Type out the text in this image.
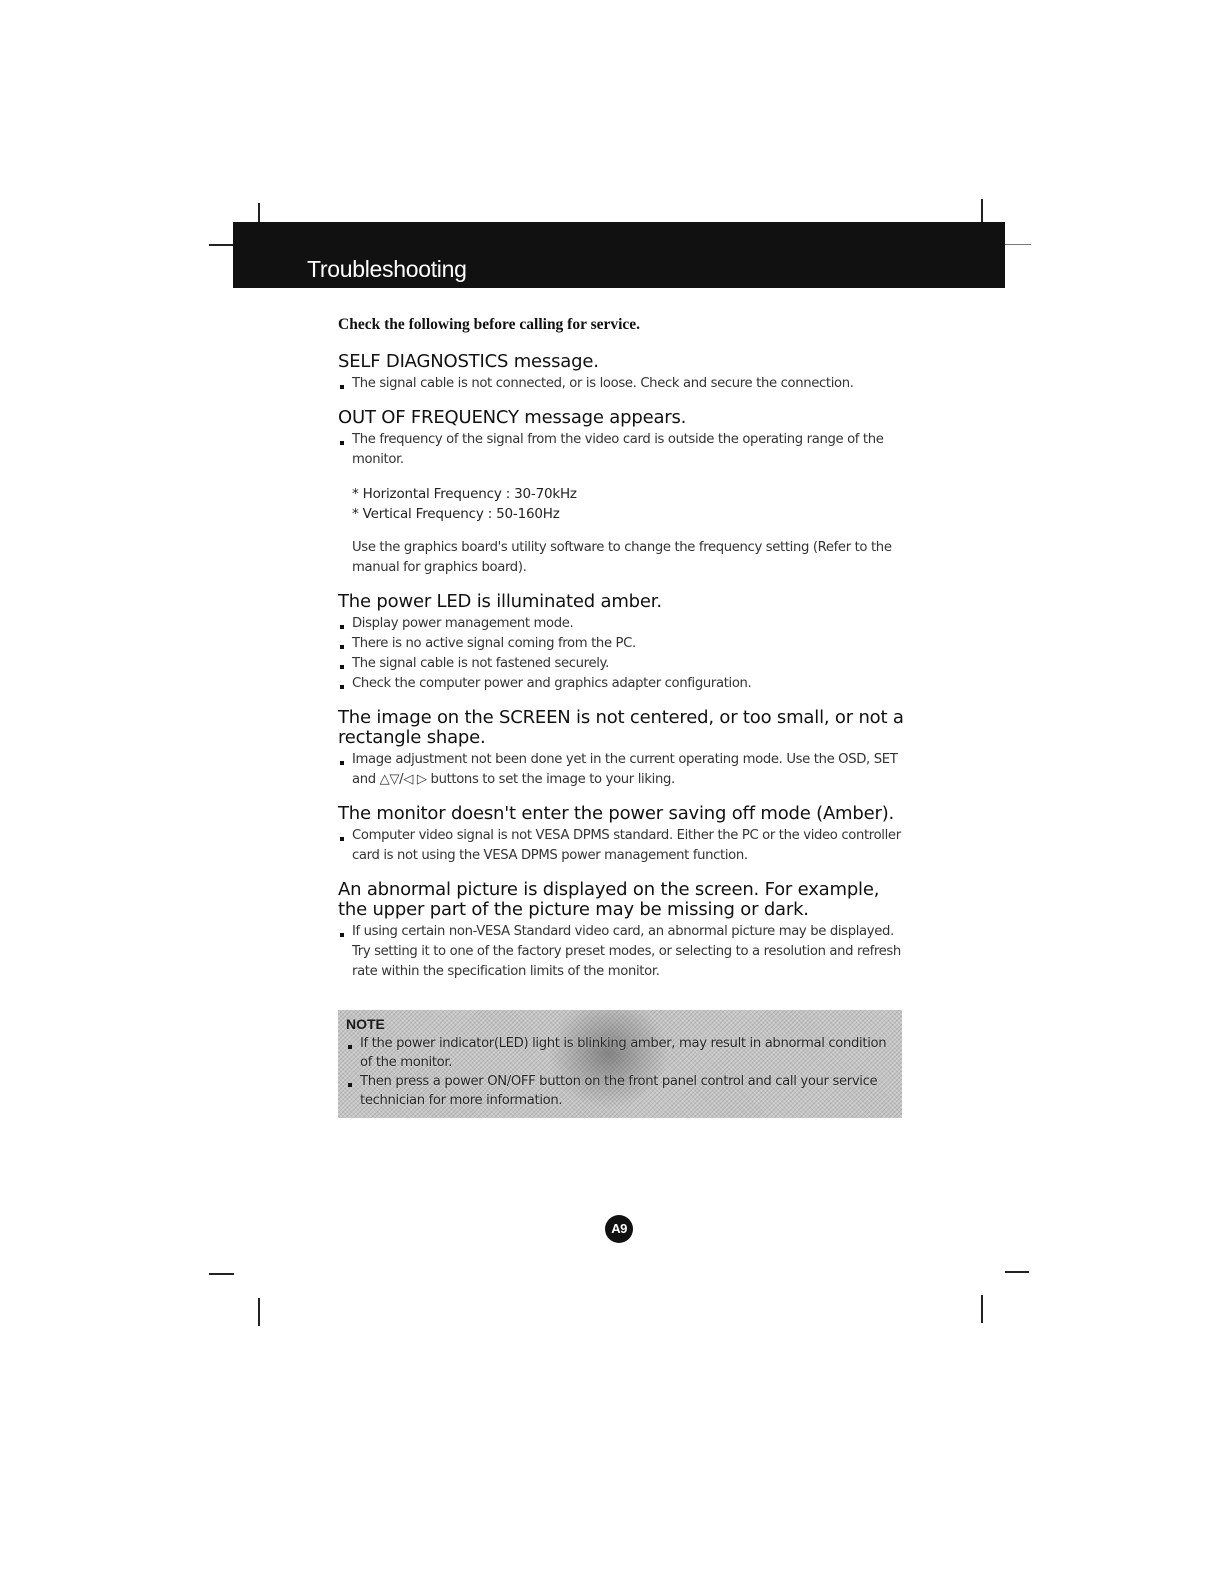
Troubleshooting
Check the following before calling for service.
SELF DIAGNOSTICS message.
The signal cable is not connected, or is loose. Check and secure the connection.
OUT OF FREQUENCY message appears.
The frequency of the signal from the video card is outside the operating range of the monitor.
* Horizontal Frequency : 30-70kHz
* Vertical Frequency : 50-160Hz
Use the graphics board's utility software to change the frequency setting (Refer to the manual for graphics board).
The power LED is illuminated amber.
Display power management mode.
There is no active signal coming from the PC.
The signal cable is not fastened securely.
Check the computer power and graphics adapter configuration.
The image on the SCREEN is not centered, or too small, or not a rectangle shape.
Image adjustment not been done yet in the current operating mode. Use the OSD, SET and △▽/◁ ▷ buttons to set the image to your liking.
The monitor doesn't enter the power saving off mode (Amber).
Computer video signal is not VESA DPMS standard. Either the PC or the video controller card is not using the VESA DPMS power management function.
An abnormal picture is displayed on the screen. For example, the upper part of the picture may be missing or dark.
If using certain non-VESA Standard video card, an abnormal picture may be displayed. Try setting it to one of the factory preset modes, or selecting to a resolution and refresh rate within the specification limits of the monitor.
NOTE
If the power indicator(LED) light is blinking amber, may result in abnormal condition of the monitor.
Then press a power ON/OFF button on the front panel control and call your service technician for more information.
A9
